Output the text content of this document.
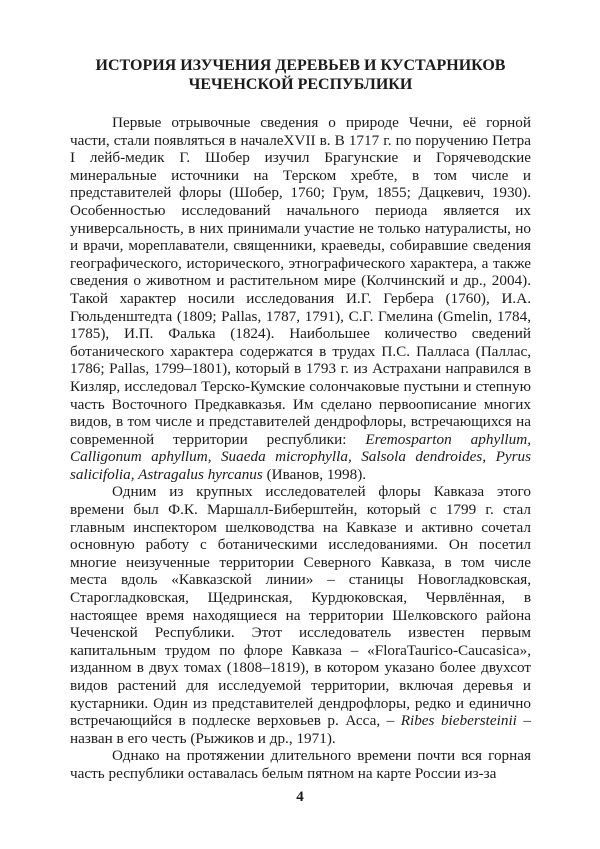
ИСТОРИЯ ИЗУЧЕНИЯ ДЕРЕВЬЕВ И КУСТАРНИКОВ
ЧЕЧЕНСКОЙ РЕСПУБЛИКИ

Первые отрывочные сведения о природе Чечни, её горной части, стали появляться в началеXVII в. В 1717 г. по поручению Петра I лейб-медик Г. Шобер изучил Брагунские и Горячеводские минеральные источники на Терском хребте, в том числе и представителей флоры (Шобер, 1760; Грум, 1855; Дацкевич, 1930). Особенностью исследований начального периода является их универсальность, в них принимали участие не только натуралисты, но и врачи, мореплаватели, священники, краеведы, собиравшие сведения географического, исторического, этнографического характера, а также сведения о животном и растительном мире (Колчинский и др., 2004). Такой характер носили исследования И.Г. Гербера (1760), И.А. Гюльденштедта (1809; Pallas, 1787, 1791), С.Г. Гмелина (Gmelin, 1784, 1785), И.П. Фалька (1824). Наибольшее количество сведений ботанического характера содержатся в трудах П.С. Палласа (Паллас, 1786; Pallas, 1799–1801), который в 1793 г. из Астрахани направился в Кизляр, исследовал Терско-Кумские солончаковые пустыни и степную часть Восточного Предкавказья. Им сделано первоописание многих видов, в том числе и представителей дендрофлоры, встречающихся на современной территории республики: Eremosparton aphyllum, Calligonum aphyllum, Suaeda microphylla, Salsola dendroides, Pyrus salicifolia, Astragalus hyrcanus (Иванов, 1998).

Одним из крупных исследователей флоры Кавказа этого времени был Ф.К. Маршалл-Биберштейн, который с 1799 г. стал главным инспектором шелководства на Кавказе и активно сочетал основную работу с ботаническими исследованиями. Он посетил многие неизученные территории Северного Кавказа, в том числе места вдоль «Кавказской линии» – станицы Новогладковская, Старогладковская, Щедринская, Курдюковская, Червлённая, в настоящее время находящиеся на территории Шелковского района Чеченской Республики. Этот исследователь известен первым капитальным трудом по флоре Кавказа – «FloraTaurico-Caucasica», изданном в двух томах (1808–1819), в котором указано более двухсот видов растений для исследуемой территории, включая деревья и кустарники. Один из представителей дендрофлоры, редко и единично встречающийся в подлеске верховьев р. Асса, – Ribes biebersteinii – назван в его честь (Рыжиков и др., 1971).

Однако на протяжении длительного времени почти вся горная часть республики оставалась белым пятном на карте России из-за

4
